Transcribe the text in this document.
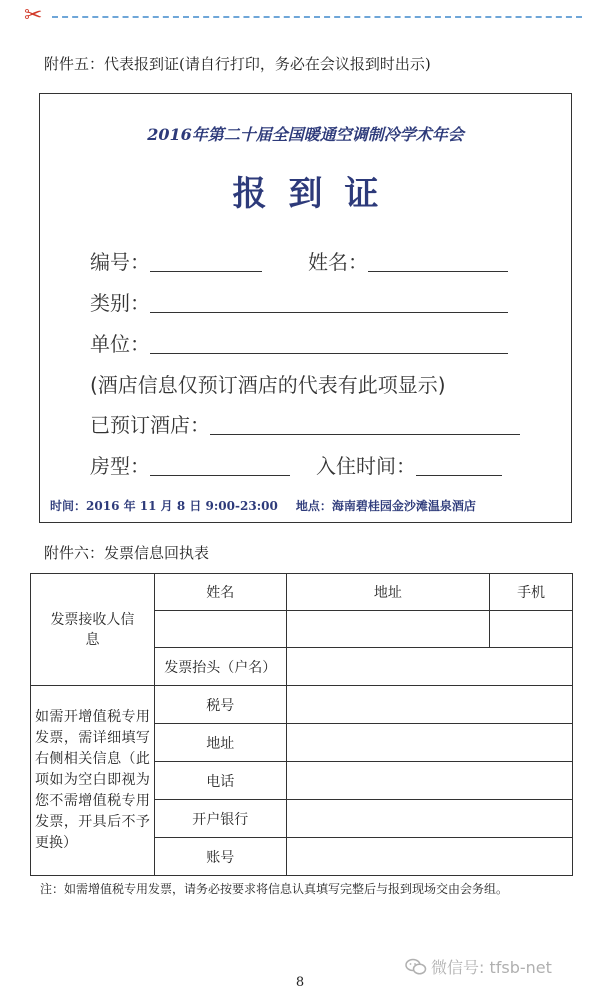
✂
附件五：代表报到证(请自行打印，务必在会议报到时出示)
2016年第二十届全国暖通空调制冷学术年会
报到证
编号：	姓名：
类别：
单位：
(酒店信息仅预订酒店的代表有此项显示)
已预订酒店：
房型：	入住时间：
时间：2016 年 11 月 8 日 9:00-23:00 地点：海南碧桂园金沙滩温泉酒店
附件六：发票信息回执表
发票接收人信息	姓名	地址	手机

	发票抬头（户名）		
如需开增值税专用发票，需详细填写右侧相关信息（此项如为空白即视为您不需增值税专用发票，开具后不予更换）	税号		
	地址		
	电话		
	开户银行		
	账号		
注：如需增值税专用发票，请务必按要求将信息认真填写完整后与报到现场交由会务组。
8
微信号: tfsb-net
